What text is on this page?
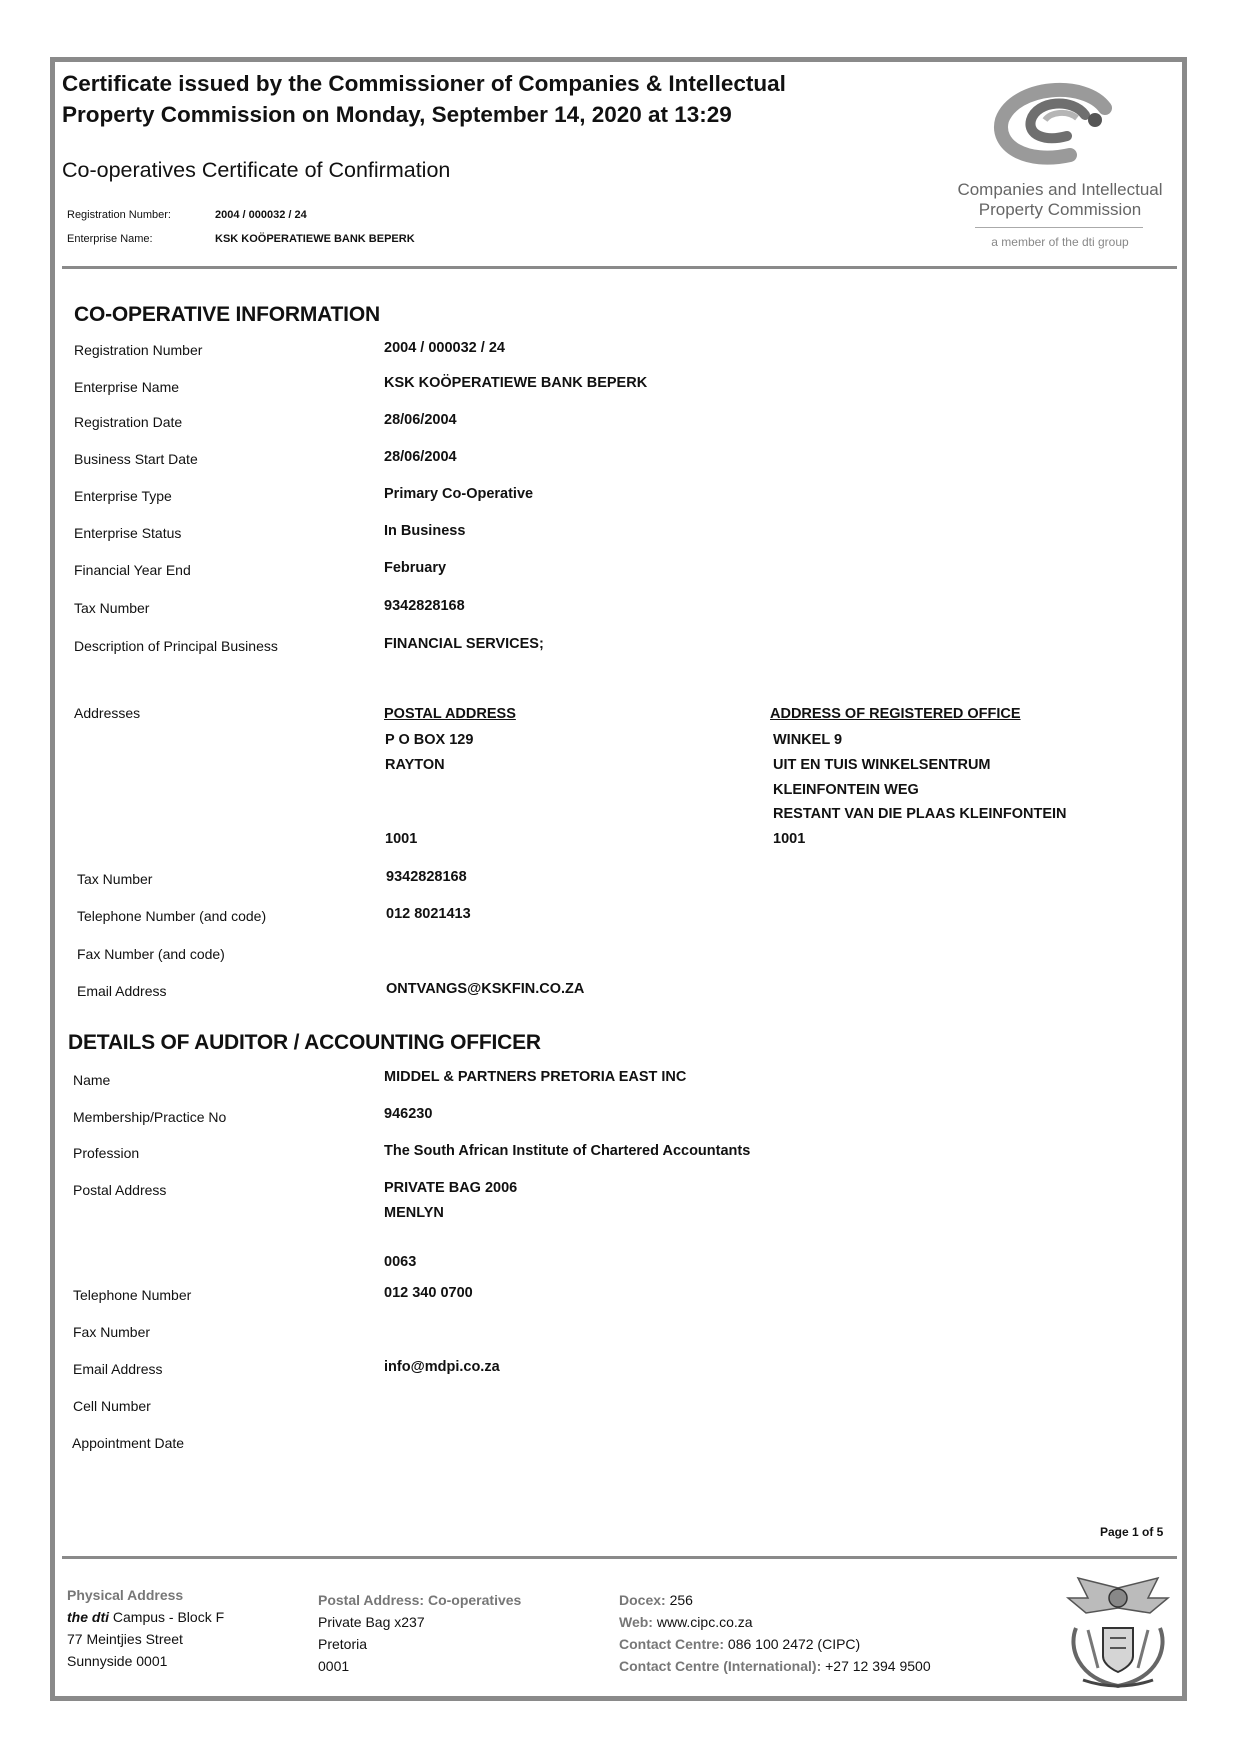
Certificate issued by the Commissioner of Companies & Intellectual
Property Commission on Monday, September 14, 2020 at 13:29
Co-operatives Certificate of Confirmation
Registration Number:	2004 / 000032 / 24
Enterprise Name:	KSK KOÖPERATIEWE BANK BEPERK
Companies and Intellectual
Property Commission
a member of the dti group
CO-OPERATIVE INFORMATION
Registration Number	2004 / 000032 / 24
Enterprise Name	KSK KOÖPERATIEWE BANK BEPERK
Registration Date	28/06/2004
Business Start Date	28/06/2004
Enterprise Type	Primary Co-Operative
Enterprise Status	In Business
Financial Year End	February
Tax Number	9342828168
Description of Principal Business	FINANCIAL SERVICES;
Addresses	POSTAL ADDRESS
P O BOX 129
RAYTON
1001
ADDRESS OF REGISTERED OFFICE
WINKEL 9
UIT EN TUIS WINKELSENTRUM
KLEINFONTEIN WEG
RESTANT VAN DIE PLAAS KLEINFONTEIN
1001
Tax Number	9342828168
Telephone Number (and code)	012 8021413
Fax Number (and code)
Email Address	ONTVANGS@KSKFIN.CO.ZA
DETAILS OF AUDITOR / ACCOUNTING OFFICER
Name	MIDDEL & PARTNERS PRETORIA EAST INC
Membership/Practice No	946230
Profession	The South African Institute of Chartered Accountants
Postal Address	PRIVATE BAG 2006
MENLYN
0063
Telephone Number	012 340 0700
Fax Number
Email Address	info@mdpi.co.za
Cell Number
Appointment Date
Page 1 of 5
Physical Address
the dti Campus - Block F
77 Meintjies Street
Sunnyside 0001
Postal Address: Co-operatives
Private Bag x237
Pretoria
0001
Docex: 256
Web: www.cipc.co.za
Contact Centre: 086 100 2472 (CIPC)
Contact Centre (International): +27 12 394 9500
